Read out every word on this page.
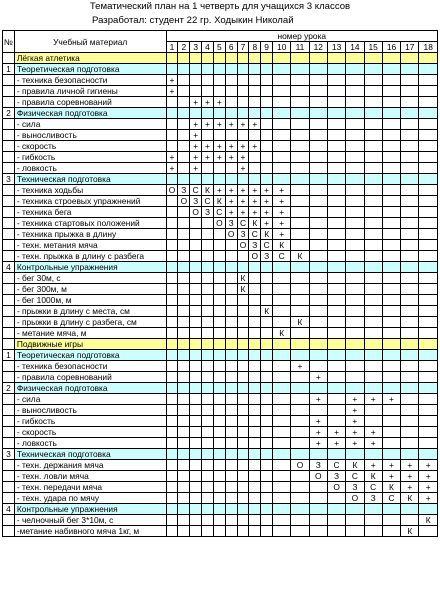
Тематический план на 1 четверть для учащихся 3 классов
Разработал: студент 22 гр. Ходыкин Николай
№	Учебный материал	номер урока																	
		1	2	3	4	5	6	7	8	9	10	11	12	13	14	15	16	17	18
	Лёгкая атлетика																		
1	Теоретическая подготовка																		
	- техника безопасности	+																	
	- правила личной гигиены	+																	
	- правила соревнований			+	+	+													
2	Физическая подготовка																		
	- сила			+	+	+	+	+	+										
	- выносливость			+															
	- скорость			+	+	+	+	+	+										
	- гибкость	+		+	+	+	+	+											
	- ловкость	+		+				+											
3	Техническая подготовка																		
	- техника ходьбы	О	З	С	К	+	+	+	+	+	+								
	- техника строевых упражнений		О	З	С	К	+	+	+	+	+								
	- техника бега			О	З	С	+	+	+	+	+								
	- техника стартовых положений					О	З	С	К	+	+								
	- техника прыжка в длину						О	З	С	К	+								
	- техн. метания мяча							О	З	С	К								
	- техн. прыжка в длину с разбега								О	З	С	К							
4	Контрольные упражнения																		
	- бег 30м, с							К											
	- бег 300м, м							К											
	- бег 1000м, м																		
	- прыжки в длину с места, см									К									
	- прыжки в длину с разбега, см											К							
	- метание мяча, м										К								
	Подвижные игры																		
1	Теоретическая подготовка																		
	- техника безопасности											+							
	- правила соревнований												+						
2	Физическая подготовка																		
	- сила												+		+	+	+		
	- выносливость														+				
	- гибкость												+		+				
	- скорость												+	+	+	+			
	- ловкость												+	+	+	+			
3	Техническая подготовка																		
	- техн. держания мяча											О	З	С	К	+	+	+	+
	- техн. ловли мяча												О	З	С	К	+	+	+
	- техн. передачи мяча													О	З	С	К	+	+
	- техн. удара по мячу														О	З	С	К	+
4	Контрольные упражнения																		
	- челночный бег 3*10м, с																		К
	-метание набивного мяча 1кг, м																	К	
